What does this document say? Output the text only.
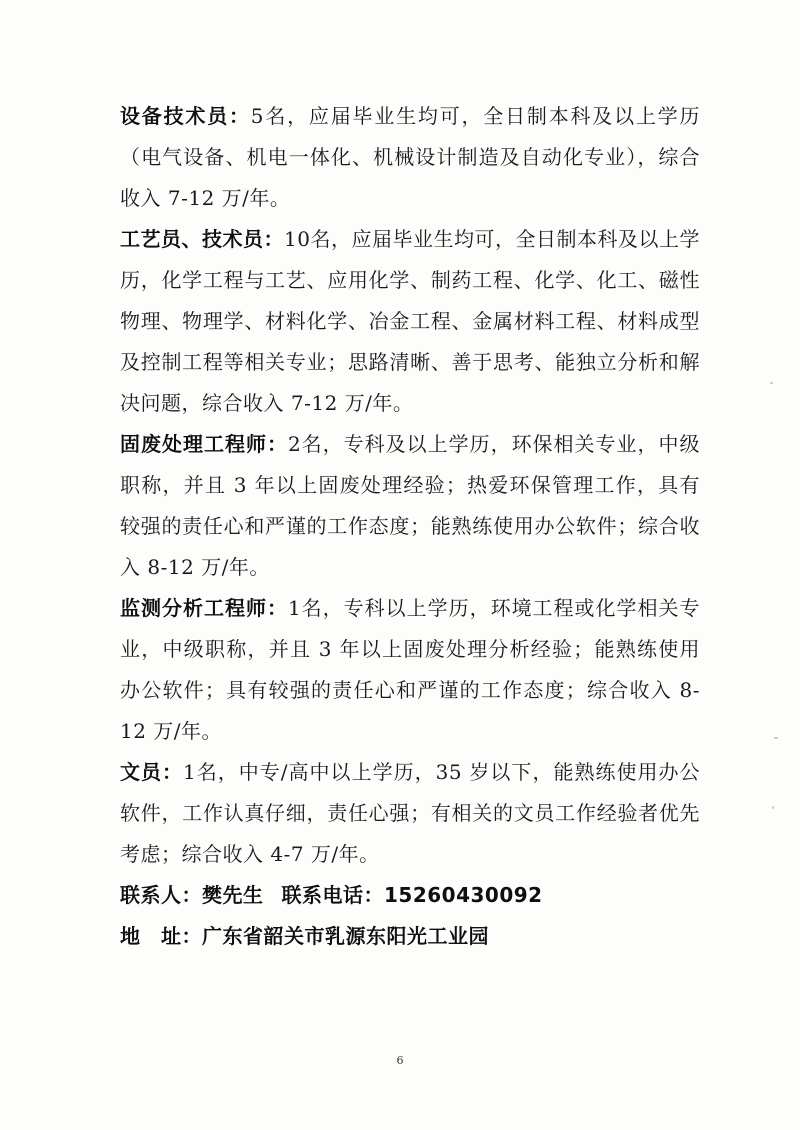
设备技术员：5名，应届毕业生均可，全日制本科及以上学历（电气设备、机电一体化、机械设计制造及自动化专业），综合收入 7-12 万/年。

工艺员、技术员：10名，应届毕业生均可，全日制本科及以上学历，化学工程与工艺、应用化学、制药工程、化学、化工、磁性物理、物理学、材料化学、冶金工程、金属材料工程、材料成型及控制工程等相关专业；思路清晰、善于思考、能独立分析和解决问题，综合收入 7-12 万/年。

固废处理工程师：2名，专科及以上学历，环保相关专业，中级职称，并且 3 年以上固废处理经验；热爱环保管理工作，具有较强的责任心和严谨的工作态度；能熟练使用办公软件；综合收入 8-12 万/年。

监测分析工程师：1名，专科以上学历，环境工程或化学相关专业，中级职称，并且 3 年以上固废处理分析经验；能熟练使用办公软件；具有较强的责任心和严谨的工作态度；综合收入 8-12 万/年。

文员：1名，中专/高中以上学历，35 岁以下，能熟练使用办公软件，工作认真仔细，责任心强；有相关的文员工作经验者优先考虑；综合收入 4-7 万/年。

联系人：樊先生 联系电话：15260430092

地　址：广东省韶关市乳源东阳光工业园

6
